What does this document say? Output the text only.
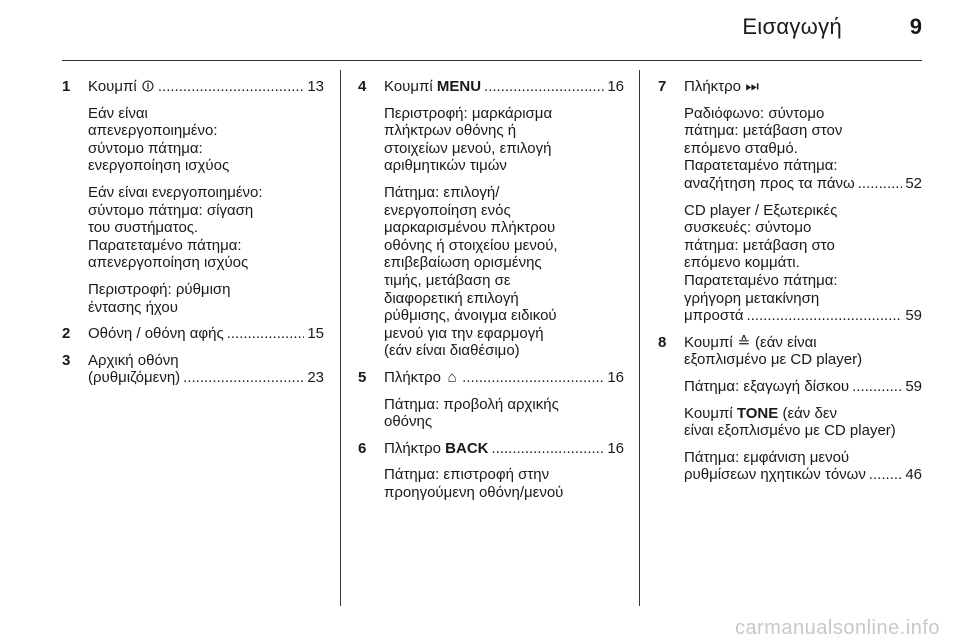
Εισαγωγή	9
1 Κουμπί ⏼ .....	13
Εάν είναι
απενεργοποιημένο:
σύντομο πάτημα:
ενεργοποίηση ισχύος
Εάν είναι ενεργοποιημένο:
σύντομο πάτημα: σίγαση
του συστήματος.
Παρατεταμένο πάτημα:
απενεργοποίηση ισχύος
Περιστροφή: ρύθμιση
έντασης ήχου
2 Οθόνη / οθόνη αφής .....	15
3 Αρχική οθόνη
(ρυθμιζόμενη) .....	23
4 Κουμπί MENU .....	16
Περιστροφή: μαρκάρισμα
πλήκτρων οθόνης ή
στοιχείων μενού, επιλογή
αριθμητικών τιμών
Πάτημα: επιλογή/
ενεργοποίηση ενός
μαρκαρισμένου πλήκτρου
οθόνης ή στοιχείου μενού,
επιβεβαίωση ορισμένης
τιμής, μετάβαση σε
διαφορετική επιλογή
ρύθμισης, άνοιγμα ειδικού
μενού για την εφαρμογή
(εάν είναι διαθέσιμο)
5 Πλήκτρο ⌂ .....	16
Πάτημα: προβολή αρχικής
οθόνης
6 Πλήκτρο BACK .....	16
Πάτημα: επιστροφή στην
προηγούμενη οθόνη/μενού
7 Πλήκτρο ⏭
Ραδιόφωνο: σύντομο
πάτημα: μετάβαση στον
επόμενο σταθμό.
Παρατεταμένο πάτημα:
αναζήτηση προς τα πάνω .....	52
CD player / Εξωτερικές
συσκευές: σύντομο
πάτημα: μετάβαση στο
επόμενο κομμάτι.
Παρατεταμένο πάτημα:
γρήγορη μετακίνηση
μπροστά .....	59
8 Κουμπί ≙ (εάν είναι
εξοπλισμένο με CD player)
Πάτημα: εξαγωγή δίσκου .....	59
Κουμπί TONE (εάν δεν
είναι εξοπλισμένο με CD player)
Πάτημα: εμφάνιση μενού
ρυθμίσεων ηχητικών τόνων .....	46
carmanualsonline.info
